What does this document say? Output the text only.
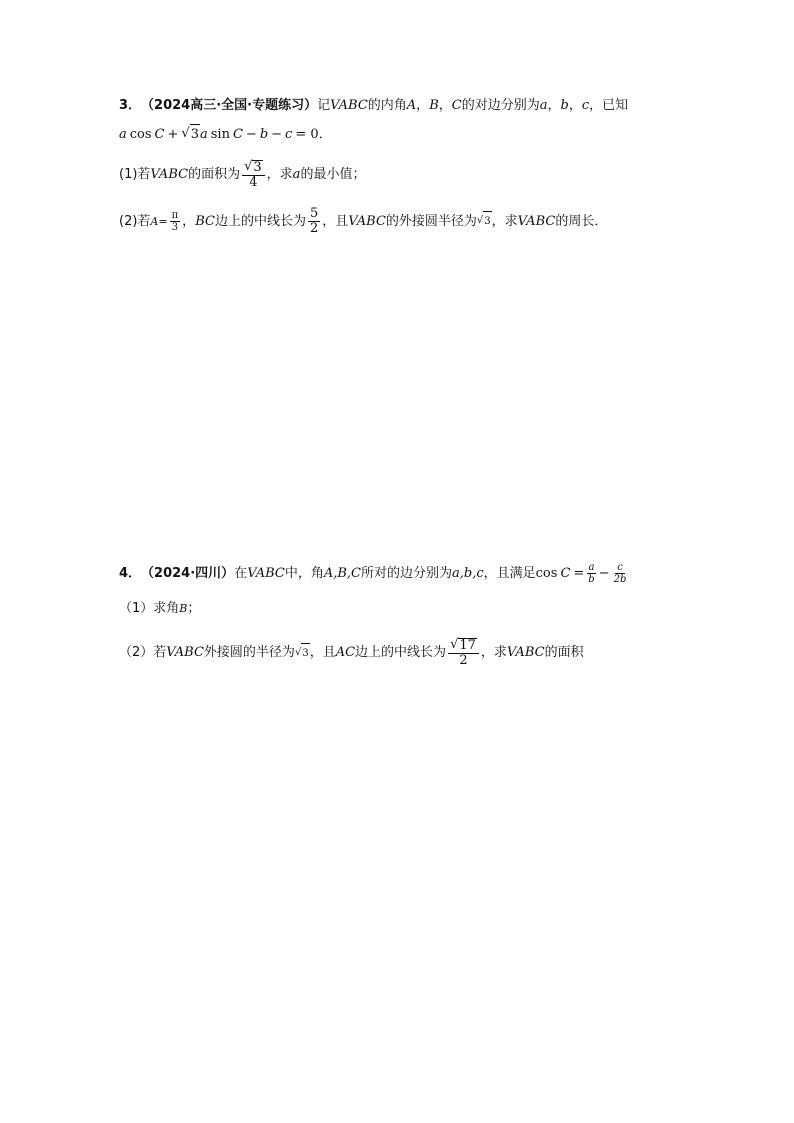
3． （2024高三·全国·专题练习） 记 VABC 的内角 A ， B ， C 的对边分别为 a ， b ， c ，已知
a cos C + √ 3 a sin C − b − c = 0．
(1)若 VABC 的面积为 $\frac{√ 3}{4}$ ，求 a 的最小值；
(2)若 $A = \frac{\pi}{3}$ ， BC 边上的中线长为 $\frac{5}{2}$ ，且 VABC 的外接圆半径为 √ 3 ，求 VABC 的周长．
4． （2024·四川） 在 VABC 中，角 A,B,C 所对的边分别为 a,b,c ，且满足 $\cos C = \frac{a}{b} - \frac{c}{2b}$
（1）求角 B ；
（2）若 VABC 外接圆的半径为 √ 3 ，且 AC 边上的中线长为 $\frac{√ 17}{2}$ ，求 VABC 的面积
